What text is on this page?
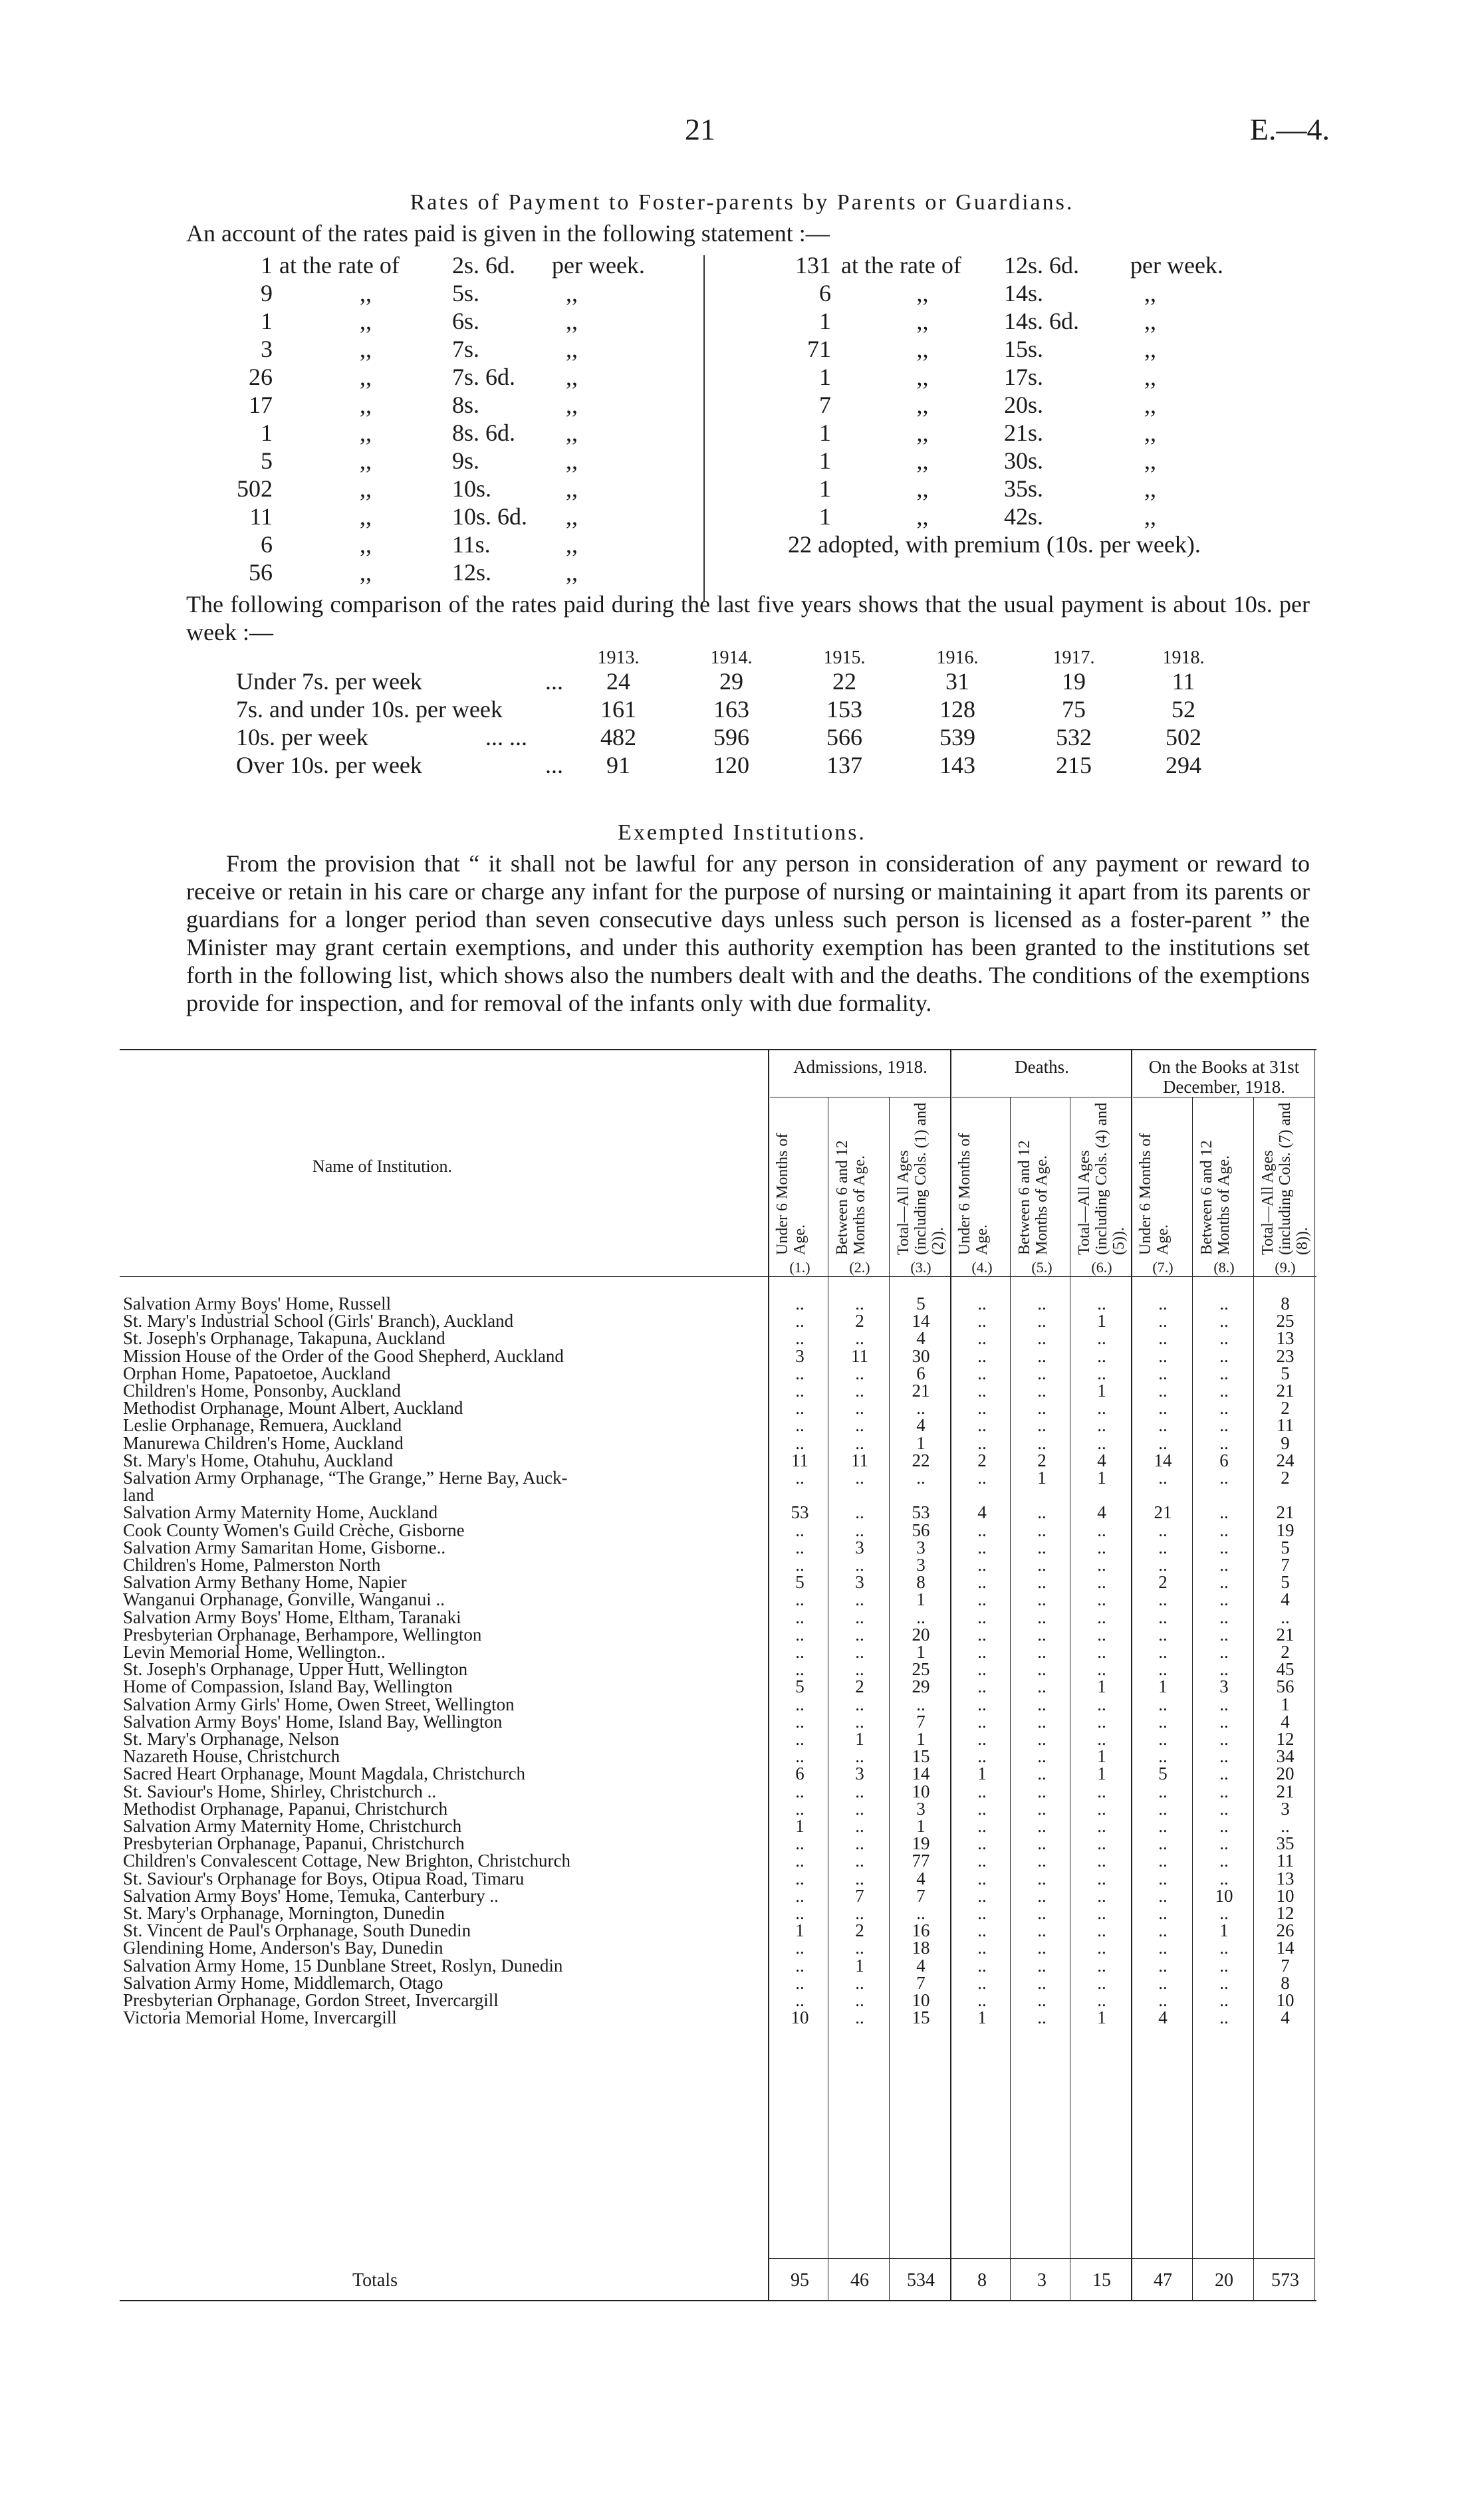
21	E.—4.
Rates of Payment to Foster-parents by Parents or Guardians.
An account of the rates paid is given in the following statement :—
1 at the rate of	2s. 6d. per week.
9	,,	5s.	,,
1	,,	6s.	,,
3	,,	7s.	,,
26	,,	7s. 6d.	,,
17	,,	8s.	,,
1	,,	8s. 6d.	,,
5	,,	9s.	,,
502	,,	10s.	,,
11	,,	10s. 6d.	,,
6	,,	11s.	,,
56	,,	12s.	,,
131 at the rate of	12s. 6d. per week.
6	,,	14s.	,,
1	,,	14s. 6d.	,,
71	,,	15s.	,,
1	,,	17s.	,,
7	,,	20s.	,,
1	,,	21s.	,,
1	,,	30s.	,,
1	,,	35s.	,,
1	,,	42s.	,,
22 adopted, with premium (10s. per week).
The following comparison of the rates paid during the last five years shows that the usual payment is about 10s. per week :—
1913.	1914.	1915.	1916.	1917.	1918.
Under 7s. per week	...	24	29	22	31	19	11
7s. and under 10s. per week	161	163	153	128	75	52
10s. per week	... ...	482	596	566	539	532	502
Over 10s. per week	...	91	120	137	143	215	294
Exempted Institutions.
From the provision that “ it shall not be lawful for any person in consideration of any payment or reward to receive or retain in his care or charge any infant for the purpose of nursing or maintaining it apart from its parents or guardians for a longer period than seven consecutive days unless such person is licensed as a foster-parent ” the Minister may grant certain exemptions, and under this authority exemption has been granted to the institutions set forth in the following list, which shows also the numbers dealt with and the deaths. The conditions of the exemptions provide for inspection, and for removal of the infants only with due formality.
Name of Institution.
Admissions, 1918.	Deaths.	On the Books at 31st December, 1918.
Under 6 Months of Age.
(1.)
Between 6 and 12 Months of Age.
(2.)
Total—All Ages (including Cols. (1) and (2)).
(3.)
Under 6 Months of Age.
(4.)
Between 6 and 12 Months of Age.
(5.)
Total—All Ages (including Cols. (4) and (5)).
(6.)
Under 6 Months of Age.
(7.)
Between 6 and 12 Months of Age.
(8.)
Total—All Ages (including Cols. (7) and (8)).
(9.)
Salvation Army Boys' Home, Russell	..	..	5	..	..	..	..	..	8
St. Mary's Industrial School (Girls' Branch), Auckland	..	2	14	..	..	1	..	..	25
St. Joseph's Orphanage, Takapuna, Auckland	..	..	4	..	..	..	..	..	13
Mission House of the Order of the Good Shepherd, Auckland	3	11	30	..	..	..	..	..	23
Orphan Home, Papatoetoe, Auckland	..	..	6	..	..	..	..	..	5
Children's Home, Ponsonby, Auckland	..	..	21	..	..	1	..	..	21
Methodist Orphanage, Mount Albert, Auckland	..	..	..	..	..	..	..	..	2
Leslie Orphanage, Remuera, Auckland	..	..	4	..	..	..	..	..	11
Manurewa Children's Home, Auckland	..	..	1	..	..	..	..	..	9
St. Mary's Home, Otahuhu, Auckland	11	11	22	2	2	4	14	6	24
Salvation Army Orphanage, “The Grange,” Herne Bay, Auck-	..	..	..	..	1	1	..	..	2
land
Salvation Army Maternity Home, Auckland	53	..	53	4	..	4	21	..	21
Cook County Women's Guild Crèche, Gisborne	..	..	56	..	..	..	..	..	19
Salvation Army Samaritan Home, Gisborne..	..	3	3	..	..	..	..	..	5
Children's Home, Palmerston North	..	..	3	..	..	..	..	..	7
Salvation Army Bethany Home, Napier	5	3	8	..	..	..	2	..	5
Wanganui Orphanage, Gonville, Wanganui ..	..	..	1	..	..	..	..	..	4
Salvation Army Boys' Home, Eltham, Taranaki	..	..	..	..	..	..	..	..	..
Presbyterian Orphanage, Berhampore, Wellington	..	..	20	..	..	..	..	..	21
Levin Memorial Home, Wellington..	..	..	1	..	..	..	..	..	2
St. Joseph's Orphanage, Upper Hutt, Wellington	..	..	25	..	..	..	..	..	45
Home of Compassion, Island Bay, Wellington	5	2	29	..	..	1	1	3	56
Salvation Army Girls' Home, Owen Street, Wellington	..	..	..	..	..	..	..	..	1
Salvation Army Boys' Home, Island Bay, Wellington	..	..	7	..	..	..	..	..	4
St. Mary's Orphanage, Nelson	..	1	1	..	..	..	..	..	12
Nazareth House, Christchurch	..	..	15	..	..	1	..	..	34
Sacred Heart Orphanage, Mount Magdala, Christchurch	6	3	14	1	..	1	5	..	20
St. Saviour's Home, Shirley, Christchurch ..	..	..	10	..	..	..	..	..	21
Methodist Orphanage, Papanui, Christchurch	..	..	3	..	..	..	..	..	3
Salvation Army Maternity Home, Christchurch	1	..	1	..	..	..	..	..	..
Presbyterian Orphanage, Papanui, Christchurch	..	..	19	..	..	..	..	..	35
Children's Convalescent Cottage, New Brighton, Christchurch	..	..	77	..	..	..	..	..	11
St. Saviour's Orphanage for Boys, Otipua Road, Timaru	..	..	4	..	..	..	..	..	13
Salvation Army Boys' Home, Temuka, Canterbury ..	..	7	7	..	..	..	..	10	10
St. Mary's Orphanage, Mornington, Dunedin	..	..	..	..	..	..	..	..	12
St. Vincent de Paul's Orphanage, South Dunedin	1	2	16	..	..	..	..	1	26
Glendining Home, Anderson's Bay, Dunedin	..	..	18	..	..	..	..	..	14
Salvation Army Home, 15 Dunblane Street, Roslyn, Dunedin	..	1	4	..	..	..	..	..	7
Salvation Army Home, Middlemarch, Otago	..	..	7	..	..	..	..	..	8
Presbyterian Orphanage, Gordon Street, Invercargill	..	..	10	..	..	..	..	..	10
Victoria Memorial Home, Invercargill	10	..	15	1	..	1	4	..	4
Totals	95	46	534	8	3	15	47	20	573
